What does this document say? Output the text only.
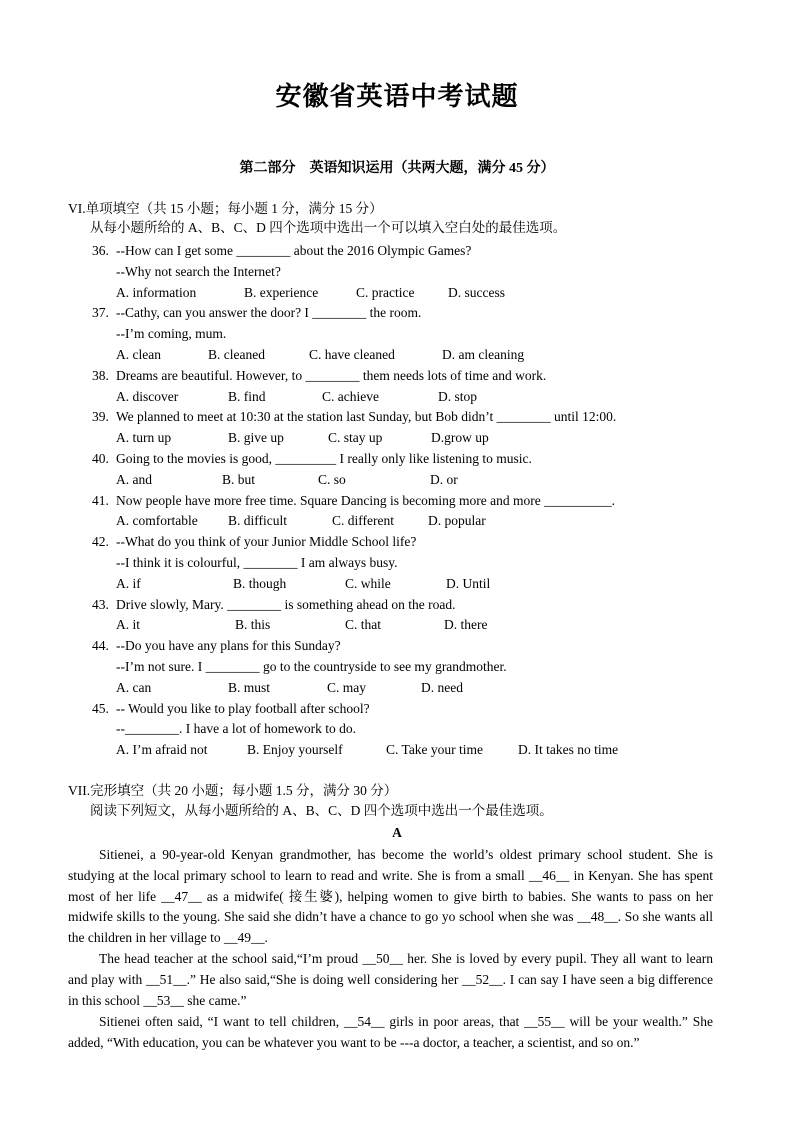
安徽省英语中考试题
第二部分　英语知识运用（共两大题，满分 45 分）
VI.单项填空（共 15 小题；每小题 1 分，满分 15 分）
从每小题所给的 A、B、C、D 四个选项中选出一个可以填入空白处的最佳选项。
36. --How can I get some ________ about the 2016 Olympic Games?
--Why not search the Internet?
A. information	B. experience	C. practice	D. success
37. --Cathy, can you answer the door? I ________ the room.
--I’m coming, mum.
A. clean	B. cleaned	C. have cleaned	D. am cleaning
38. Dreams are beautiful. However, to ________ them needs lots of time and work.
A. discover	B. find	C. achieve	D. stop
39. We planned to meet at 10:30 at the station last Sunday, but Bob didn’t ________ until 12:00.
A. turn up	B. give up	C. stay up	D.grow up
40. Going to the movies is good, _________ I really only like listening to music.
A. and	B. but	C. so	D. or
41. Now people have more free time. Square Dancing is becoming more and more __________.
A. comfortable	B. difficult	C. different	D. popular
42. --What do you think of your Junior Middle School life?
--I think it is colourful, ________ I am always busy.
A. if	B. though	C. while	D. Until
43. Drive slowly, Mary. ________ is something ahead on the road.
A. it	B. this	C. that	D. there
44. --Do you have any plans for this Sunday?
--I’m not sure. I ________ go to the countryside to see my grandmother.
A. can	B. must	C. may	D. need
45. -- Would you like to play football after school?
--________. I have a lot of homework to do.
A. I’m afraid not	B. Enjoy yourself	C. Take your time	D. It takes no time
VII.完形填空（共 20 小题；每小题 1.5 分，满分 30 分）
阅读下列短文，从每小题所给的 A、B、C、D 四个选项中选出一个最佳选项。
A
Sitienei, a 90-year-old Kenyan grandmother, has become the world’s oldest primary school student. She is studying at the local primary school to learn to read and write. She is from a small __46__ in Kenyan. She has spent most of her life __47__ as a midwife( 接生婆), helping women to give birth to babies. She wants to pass on her midwife skills to the young. She said she didn’t have a chance to go yo school when she was __48__. So she wants all the children in her village to __49__.
The head teacher at the school said,“I’m proud __50__ her. She is loved by every pupil. They all want to learn and play with __51__.” He also said,“She is doing well considering her __52__. I can say I have seen a big difference in this school __53__ she came.”
Sitienei often said, “I want to tell children, __54__ girls in poor areas, that __55__ will be your wealth.” She added, “With education, you can be whatever you want to be ---a doctor, a teacher, a scientist, and so on.”
